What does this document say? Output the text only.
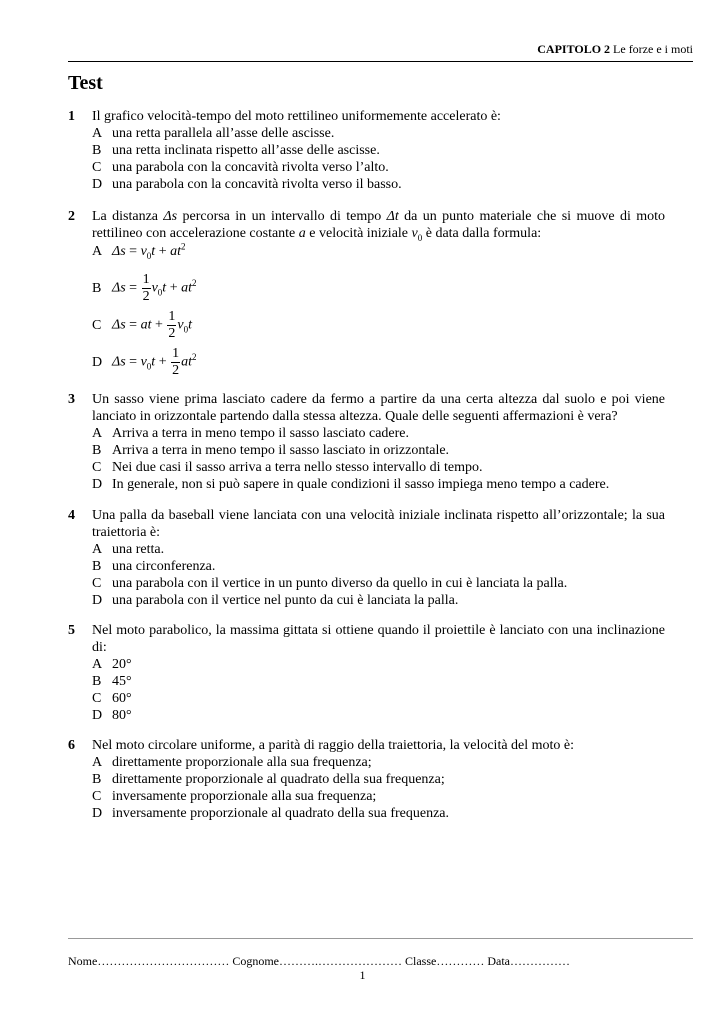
CAPITOLO 2 Le forze e i moti
Test
1	Il grafico velocità-tempo del moto rettilineo uniformemente accelerato è:
A una retta parallela all’asse delle ascisse.
B una retta inclinata rispetto all’asse delle ascisse.
C una parabola con la concavità rivolta verso l’alto.
D una parabola con la concavità rivolta verso il basso.
2	La distanza Δs percorsa in un intervallo di tempo Δt da un punto materiale che si muove di moto rettilineo con accelerazione costante a e velocità iniziale $v_0$ è data dalla formula:
A $\Delta s = v_0t + at^2$
B $\Delta s = \frac{1}{2} v_0t + at^2$
C Δs = at + $\frac{1}{2} v_0t$
D $\Delta s = v_0t + \frac{1}{2} at^2$
3	Un sasso viene prima lasciato cadere da fermo a partire da una certa altezza dal suolo e poi viene lanciato in orizzontale partendo dalla stessa altezza. Quale delle seguenti affermazioni è vera?
A Arriva a terra in meno tempo il sasso lasciato cadere.
B Arriva a terra in meno tempo il sasso lasciato in orizzontale.
C Nei due casi il sasso arriva a terra nello stesso intervallo di tempo.
D In generale, non si può sapere in quale condizioni il sasso impiega meno tempo a cadere.
4	Una palla da baseball viene lanciata con una velocità iniziale inclinata rispetto all’orizzontale; la sua traiettoria è:
A una retta.
B una circonferenza.
C una parabola con il vertice in un punto diverso da quello in cui è lanciata la palla.
D una parabola con il vertice nel punto da cui è lanciata la palla.
5	Nel moto parabolico, la massima gittata si ottiene quando il proiettile è lanciato con una inclinazione di:
A 20°
B 45°
C 60°
D 80°
6	Nel moto circolare uniforme, a parità di raggio della traiettoria, la velocità del moto è:
A direttamente proporzionale alla sua frequenza;
B direttamente proporzionale al quadrato della sua frequenza;
C inversamente proporzionale alla sua frequenza;
D inversamente proporzionale al quadrato della sua frequenza.
Nome…………………………… Cognome……….………………… Classe………… Data……………
1
